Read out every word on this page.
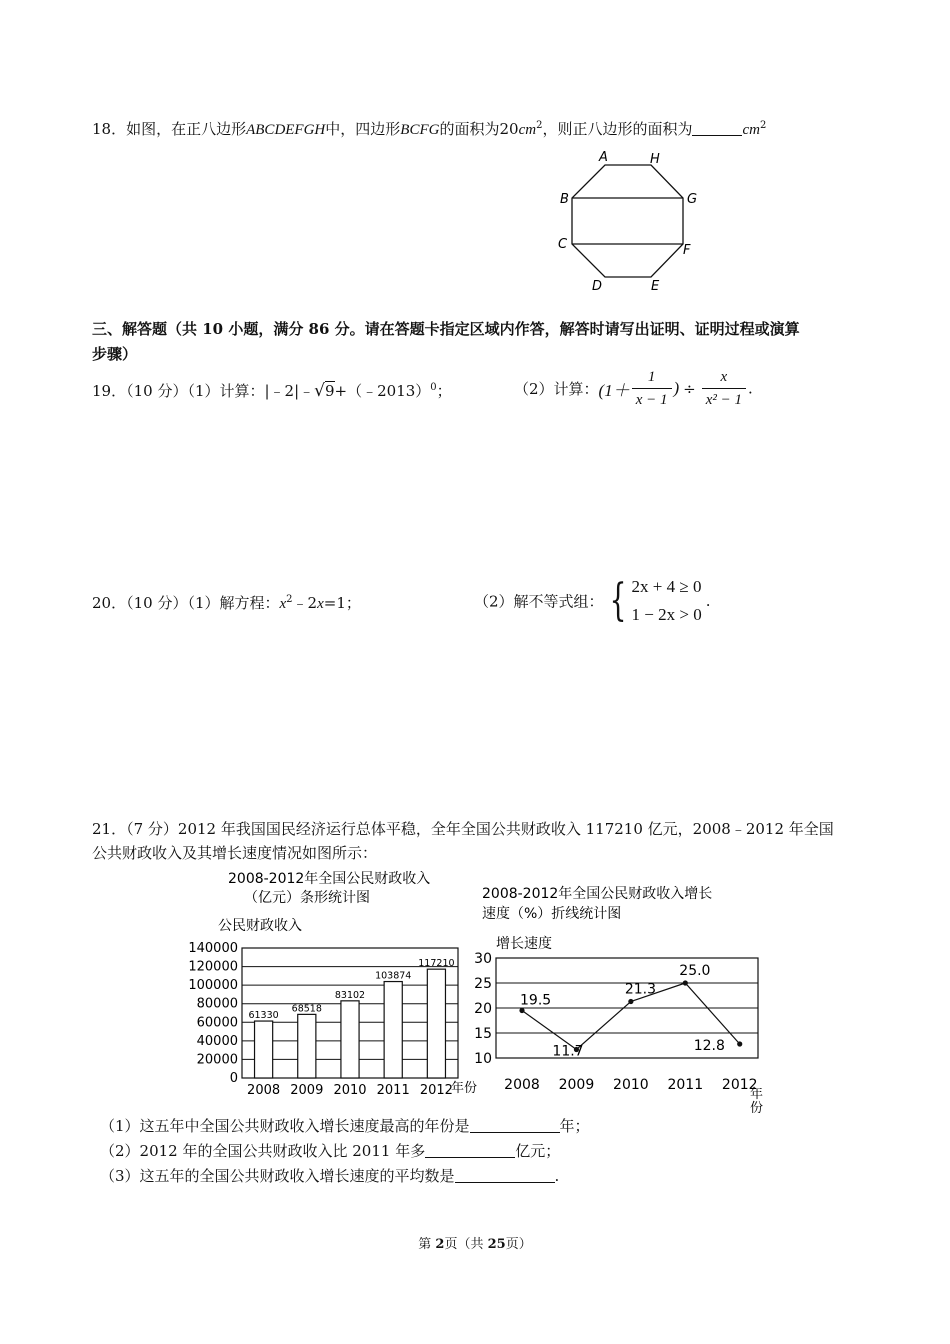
18．如图，在正八边形ABCDEFGH中，四边形BCFG的面积为$20cm^2$，则正八边形的面积为	$cm^2$
A	H
B	G
C	F
D	E
三、解答题（共 10 小题，满分 86 分。请在答题卡指定区域内作答，解答时请写出证明、证明过程或演算
步骤）
19．（10 分）（1）计算：|﹣2|﹣√9+（﹣2013）$^0$；	（2）计算：($1+ \frac{1}{x - 1}$ ) ÷ $\frac{x}{\text{x² − 1}}$ .
20．（10 分）（1）解方程：$x^2﹣2x=1$；	（2）解不等式组： { 2x + 4 ≥ 0
1 − 2x > 0
.
21．（7 分）2012 年我国国民经济运行总体平稳，全年全国公共财政收入 117210 亿元，2008﹣2012 年全国
公共财政收入及其增长速度情况如图所示：
2008-2012年全国公民财政收入
（亿元）条形统计图
公民财政收入
0
20000
40000
60000
80000
100000
120000
140000
61330
2008
68518
2009
83102
2010
103874
2011
117210
2012
年份
2008-2012年全国公民财政收入增长
速度（%）折线统计图
增长速度
10
15
20
25
30
19.5
2008
11.7
2009
21.3
2010
25.0
2011
12.8
2012
年
份
（1）这五年中全国公共财政收入增长速度最高的年份是	年；
（2）2012 年的全国公共财政收入比 2011 年多	亿元；
（3）这五年的全国公共财政收入增长速度的平均数是	.
第 2页（共 25页）
